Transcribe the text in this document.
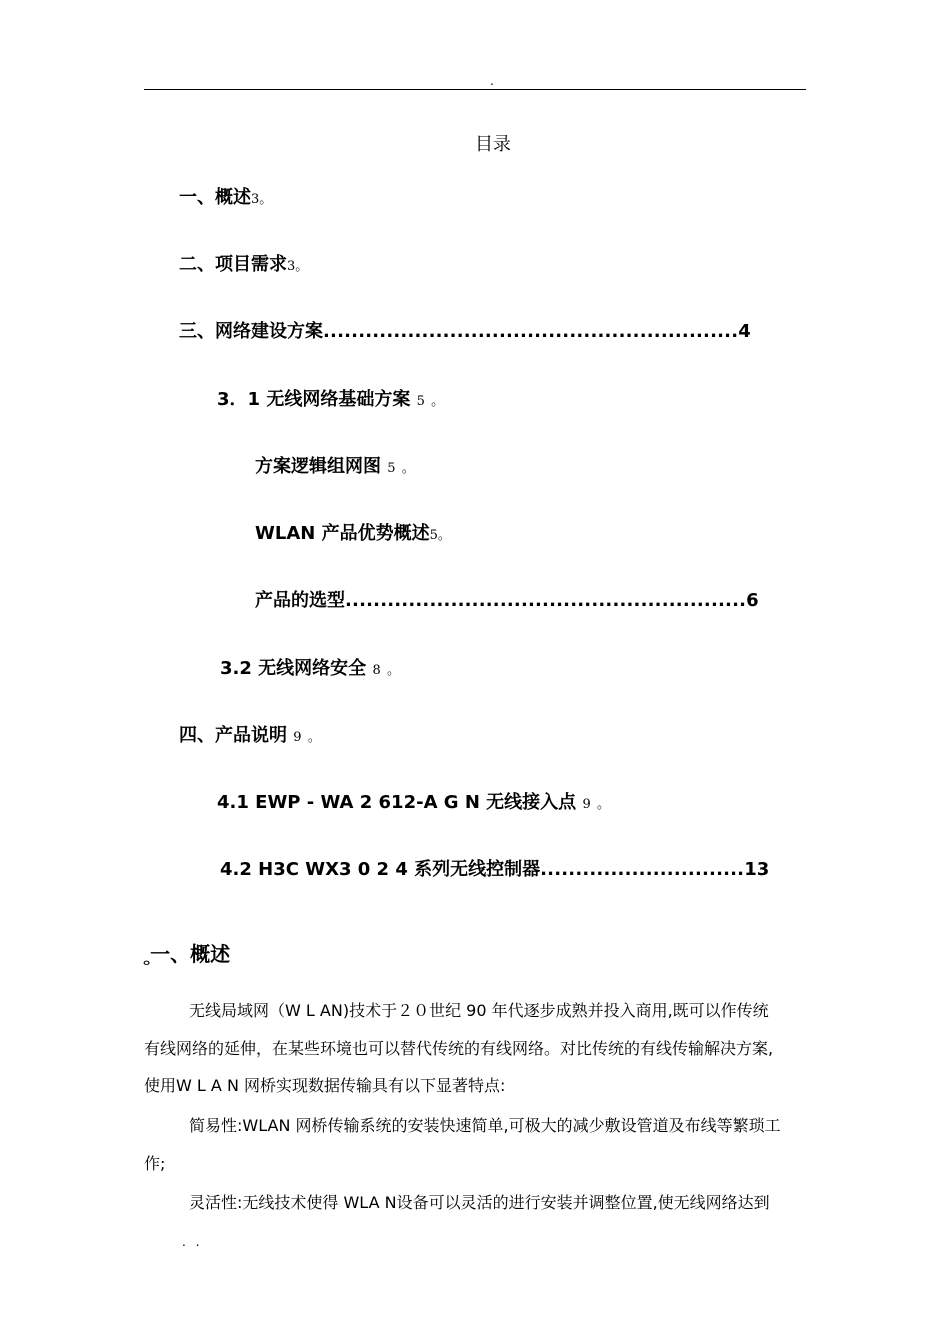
.
目录
一、概述3。
二、项目需求3。
三、网络建设方案...........................................................4
3．1 无线网络基础方案 5 。
方案逻辑组网图 5 。
WLAN 产品优势概述5。
产品的选型.........................................................6
3.2 无线网络安全 8 。
四、产品说明 9 。
4.1 EWP - WA 2 612-A G N 无线接入点 9 。
4.2 H3C WX3 0 2 4 系列无线控制器.............................13
$_ⴰ$一、概述
无线局域网（W L AN)技术于２０世纪 90 年代逐步成熟并投入商用,既可以作传统
有线网络的延伸，在某些环境也可以替代传统的有线网络。对比传统的有线传输解决方案,
使用W L A N 网桥实现数据传输具有以下显著特点:
简易性:WLAN 网桥传输系统的安装快速简单,可极大的减少敷设管道及布线等繁琐工
作;
灵活性:无线技术使得 WLA N设备可以灵活的进行安装并调整位置,使无线网络达到
. .
